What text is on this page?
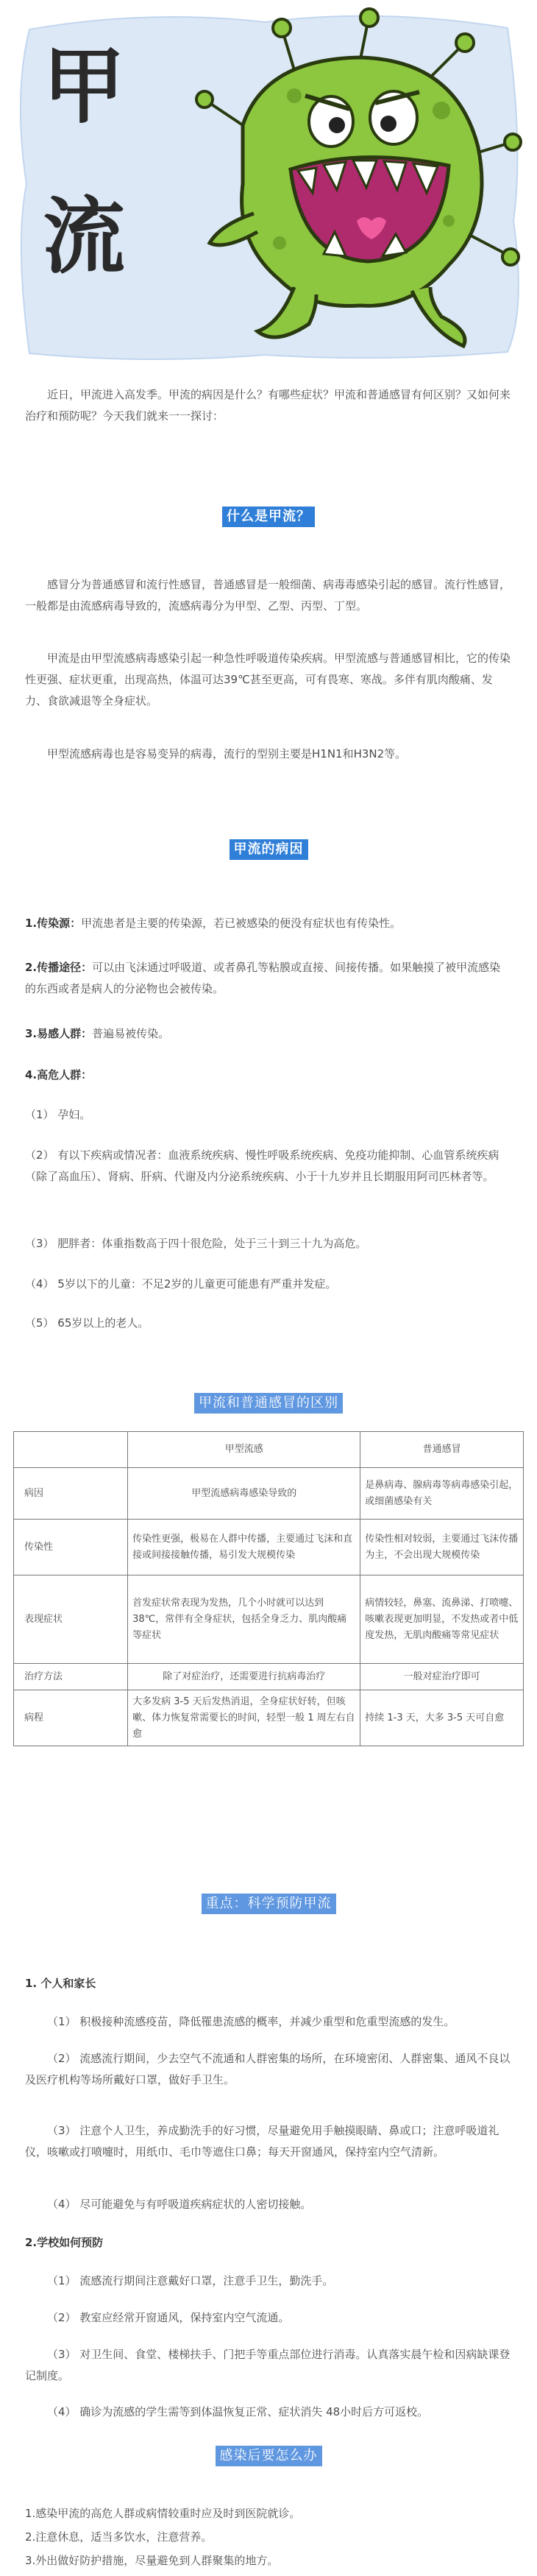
甲
流
近日，甲流进入高发季。甲流的病因是什么？有哪些症状？甲流和普通感冒有何区别？又如何来治疗和预防呢？今天我们就来一一探讨：
什么是甲流？
感冒分为普通感冒和流行性感冒，普通感冒是一般细菌、病毒毒感染引起的感冒。流行性感冒，一般都是由流感病毒导致的，流感病毒分为甲型、乙型、丙型、丁型。
甲流是由甲型流感病毒感染引起一种急性呼吸道传染疾病。甲型流感与普通感冒相比，它的传染性更强、症状更重，出现高热，体温可达39℃甚至更高，可有畏寒、寒战。多伴有肌肉酸痛、发力、食欲减退等全身症状。
甲型流感病毒也是容易变异的病毒，流行的型别主要是H1N1和H3N2等。
甲流的病因
1.传染源：甲流患者是主要的传染源，若已被感染的便没有症状也有传染性。
2.传播途径：可以由飞沫通过呼吸道、或者鼻孔等粘膜或直接、间接传播。如果触摸了被甲流感染的东西或者是病人的分泌物也会被传染。
3.易感人群：普遍易被传染。
4.高危人群：
（1） 孕妇。
（2） 有以下疾病或情况者：血液系统疾病、慢性呼吸系统疾病、免疫功能抑制、心血管系统疾病（除了高血压）、肾病、肝病、代谢及内分泌系统疾病、小于十九岁并且长期服用阿司匹林者等。
（3） 肥胖者：体重指数高于四十很危险，处于三十到三十九为高危。
（4） 5岁以下的儿童：不足2岁的儿童更可能患有严重并发症。
（5） 65岁以上的老人。
甲流和普通感冒的区别
	甲型流感	普通感冒
病因	甲型流感病毒感染导致的	是鼻病毒、腺病毒等病毒感染引起，或细菌感染有关
传染性	传染性更强，极易在人群中传播，主要通过飞沫和直接或间接接触传播，易引发大规模传染	传染性相对较弱，主要通过飞沫传播为主，不会出现大规模传染
表现症状	首发症状常表现为发热，几个小时就可以达到 38℃，常伴有全身症状，包括全身乏力、肌肉酸痛等症状	病情较轻，鼻塞、流鼻涕、打喷嚏、咳嗽表现更加明显，不发热或者中低度发热，无肌肉酸痛等常见症状
治疗方法	除了对症治疗，还需要进行抗病毒治疗	一般对症治疗即可
病程	大多发病 3-5 天后发热消退，全身症状好转，但咳嗽、体力恢复常需要长的时间，轻型一般 1 周左右自愈	持续 1-3 天，大多 3-5 天可自愈
重点：科学预防甲流
1. 个人和家长
（1） 积极接种流感疫苗，降低罹患流感的概率，并减少重型和危重型流感的发生。
（2） 流感流行期间，少去空气不流通和人群密集的场所，在环境密闭、人群密集、通风不良以及医疗机构等场所戴好口罩，做好手卫生。
（3） 注意个人卫生，养成勤洗手的好习惯，尽量避免用手触摸眼睛、鼻或口；注意呼吸道礼仪，咳嗽或打喷嚏时，用纸巾、毛巾等遮住口鼻；每天开窗通风，保持室内空气清新。
（4） 尽可能避免与有呼吸道疾病症状的人密切接触。
2.学校如何预防
（1） 流感流行期间注意戴好口罩，注意手卫生，勤洗手。
（2） 教室应经常开窗通风，保持室内空气流通。
（3） 对卫生间、食堂、楼梯扶手、门把手等重点部位进行消毒。认真落实晨午检和因病缺课登记制度。
（4） 确诊为流感的学生需等到体温恢复正常、症状消失 48小时后方可返校。
感染后要怎么办
1.感染甲流的高危人群或病情较重时应及时到医院就诊。
2.注意休息，适当多饮水，注意营养。
3.外出做好防护措施，尽量避免到人群聚集的地方。
